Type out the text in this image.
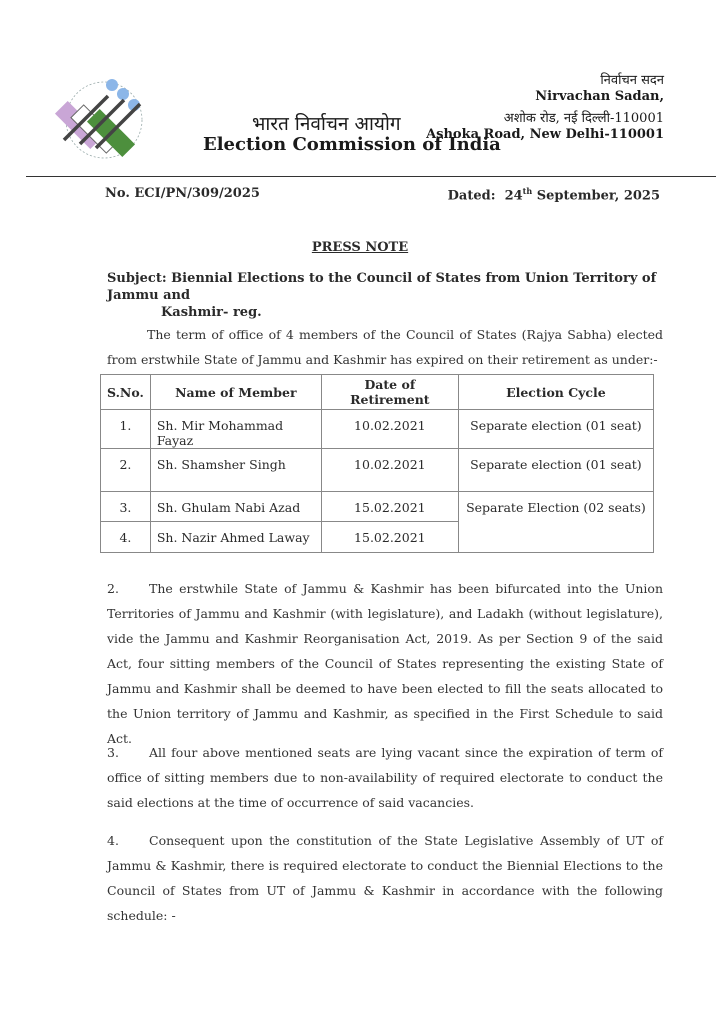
भारत निर्वाचन आयोग
Election Commission of India
निर्वाचन सदन
Nirvachan Sadan,
अशोक रोड, नई दिल्ली-110001
Ashoka Road, New Delhi-110001
No. ECI/PN/309/2025	Dated: 24th September, 2025
PRESS NOTE
Subject: Biennial Elections to the Council of States from Union Territory of Jammu and
Kashmir- reg.
The term of office of 4 members of the Council of States (Rajya Sabha) elected from erstwhile State of Jammu and Kashmir has expired on their retirement as under:-
S.No.	Name of Member	Date of Retirement	Election Cycle
1.	Sh. Mir Mohammad Fayaz	10.02.2021	Separate election (01 seat)
2.	Sh. Shamsher Singh	10.02.2021	Separate election (01 seat)
3.	Sh. Ghulam Nabi Azad	15.02.2021	Separate Election (02 seats)
4.	Sh. Nazir Ahmed Laway	15.02.2021	
2. The erstwhile State of Jammu & Kashmir has been bifurcated into the Union Territories of Jammu and Kashmir (with legislature), and Ladakh (without legislature), vide the Jammu and Kashmir Reorganisation Act, 2019. As per Section 9 of the said Act, four sitting members of the Council of States representing the existing State of Jammu and Kashmir shall be deemed to have been elected to fill the seats allocated to the Union territory of Jammu and Kashmir, as specified in the First Schedule to said Act.
3. All four above mentioned seats are lying vacant since the expiration of term of office of sitting members due to non-availability of required electorate to conduct the said elections at the time of occurrence of said vacancies.
4. Consequent upon the constitution of the State Legislative Assembly of UT of Jammu & Kashmir, there is required electorate to conduct the Biennial Elections to the Council of States from UT of Jammu & Kashmir in accordance with the following schedule: -
